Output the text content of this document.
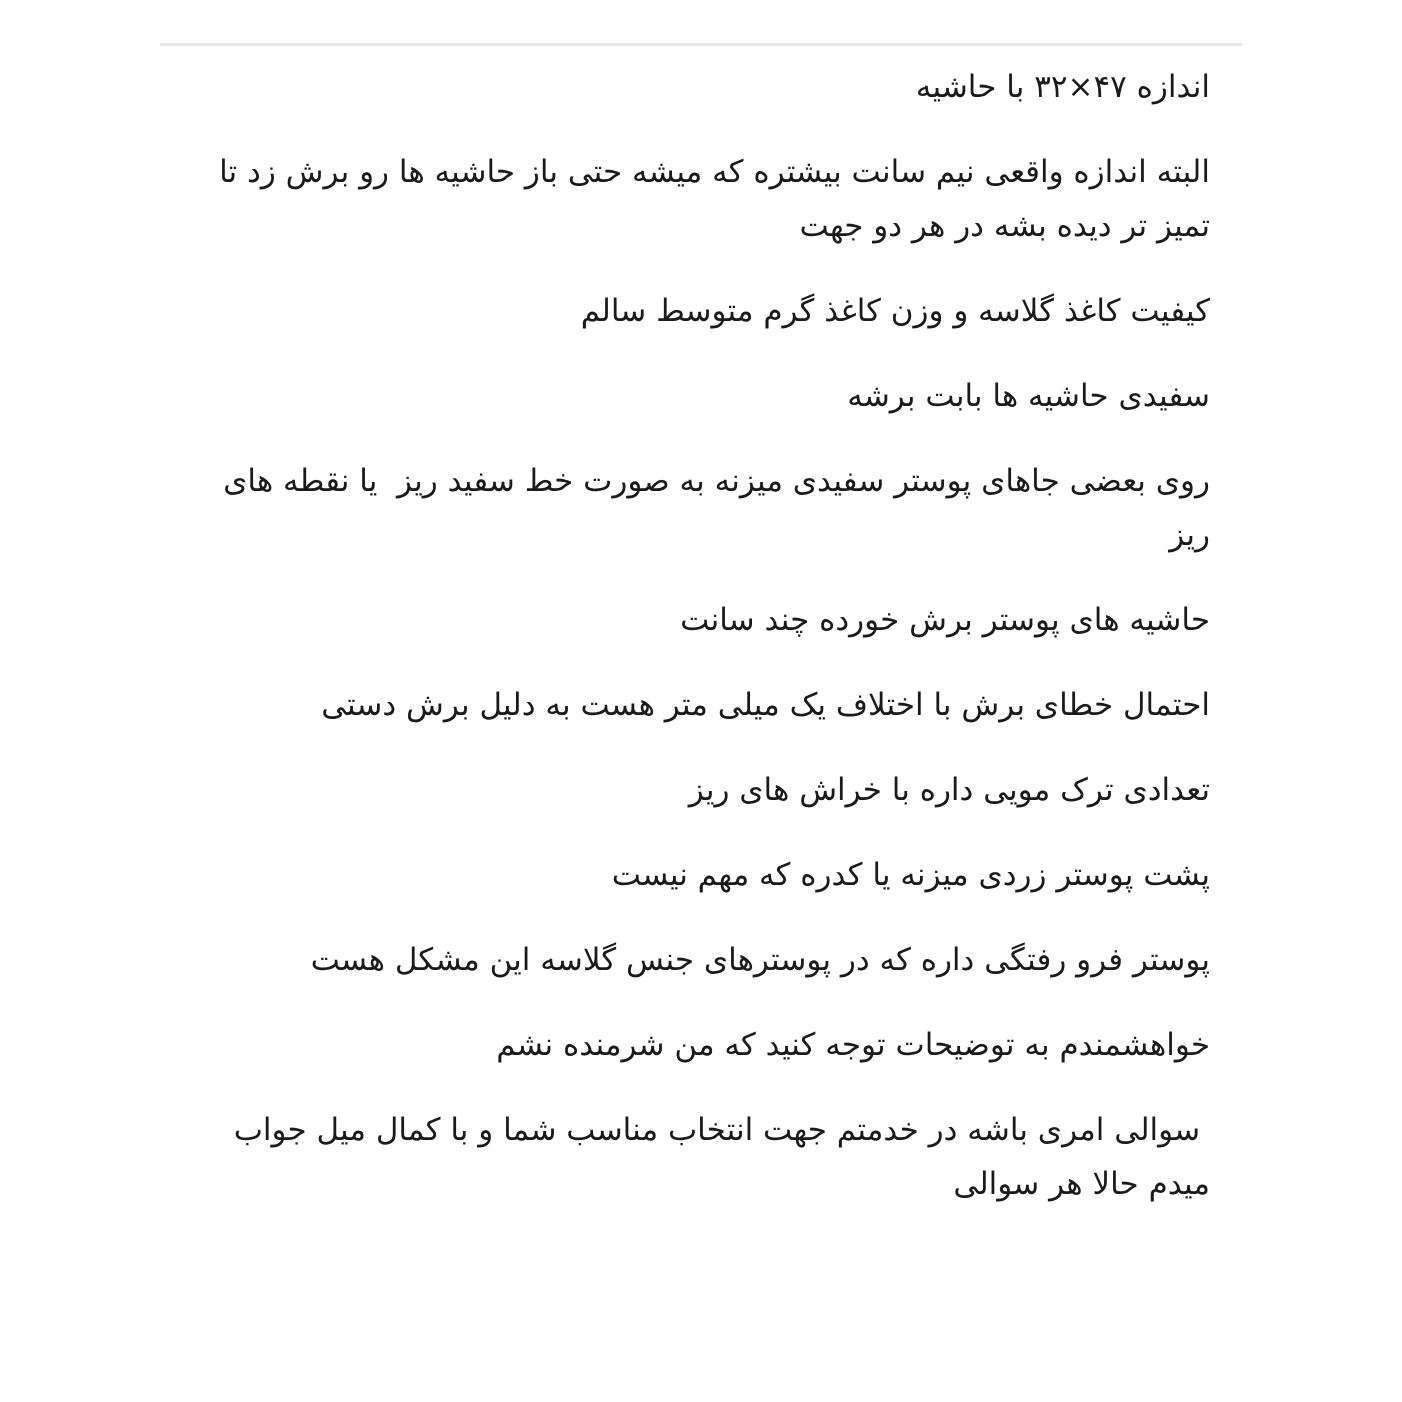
اندازه ۴۷×۳۲ با حاشیه

البته اندازه واقعی نیم سانت بیشتره که میشه حتی باز حاشیه ها رو برش زد تا تمیز تر دیده بشه در هر دو جهت

کیفیت کاغذ گلاسه و وزن کاغذ گرم متوسط سالم

سفیدی حاشیه ها بابت برشه

روی بعضی جاهای پوستر سفیدی میزنه به صورت خط سفید ریز  یا نقطه های ریز

حاشیه های پوستر برش خورده چند سانت

احتمال خطای برش با اختلاف یک میلی متر هست به دلیل برش دستی

تعدادی ترک مویی داره با خراش های ریز

پشت پوستر زردی میزنه یا کدره که مهم نیست

پوستر فرو رفتگی داره که در پوسترهای جنس گلاسه این مشکل هست

خواهشمندم به توضیحات توجه کنید که من شرمنده نشم

سوالی امری باشه در خدمتم جهت انتخاب مناسب شما و با کمال میل جواب میدم حالا هر سوالی
